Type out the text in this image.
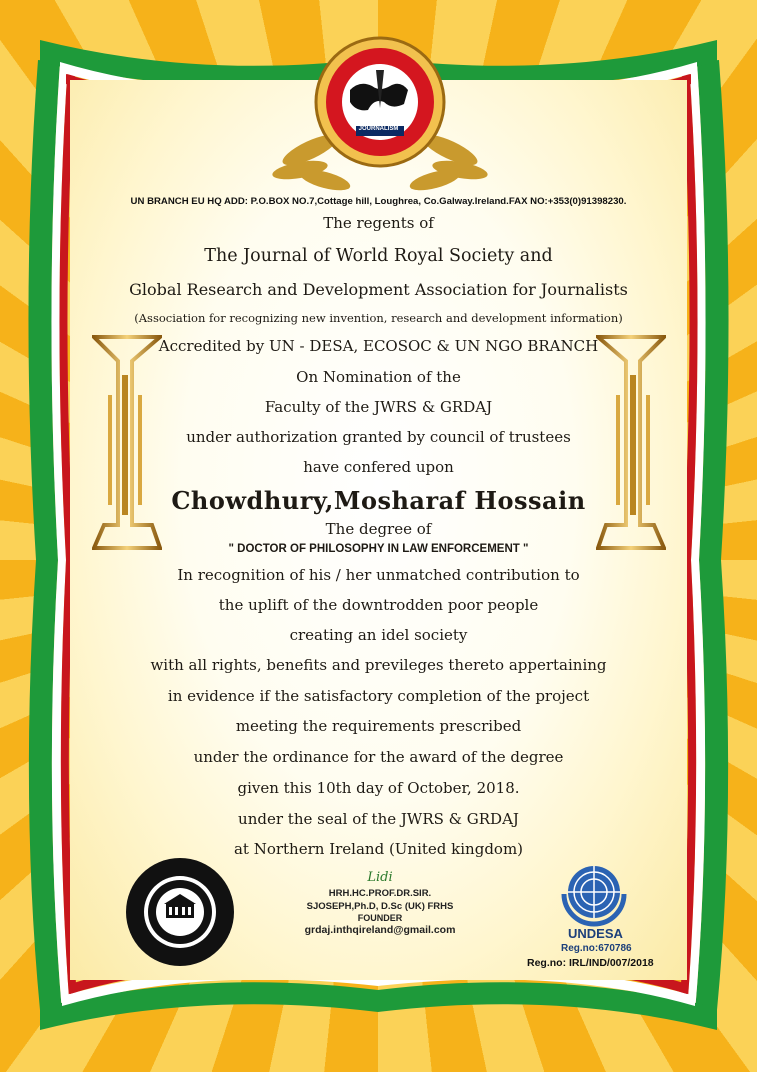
JOURNALISM
UN BRANCH EU HQ ADD: P.O.BOX NO.7,Cottage hill, Loughrea, Co.Galway.Ireland.FAX NO:+353(0)91398230.
The regents of
The Journal of World Royal Society and
Global Research and Development Association for Journalists
(Association for recognizing new invention, research and development information)
Accredited by UN - DESA, ECOSOC & UN NGO BRANCH
On Nomination of the
Faculty of the JWRS & GRDAJ
under authorization granted by council of trustees
have confered upon
Chowdhury,Mosharaf Hossain
The degree of
" DOCTOR OF PHILOSOPHY IN LAW ENFORCEMENT "
In recognition of his / her unmatched contribution to
the uplift of the downtrodden poor people
creating an idel society
with all rights, benefits and previleges thereto appertaining
in evidence if the satisfactory completion of the project
meeting the requirements prescribed
under the ordinance for the award of the degree
given this 10th day of October, 2018.
under the seal of the JWRS & GRDAJ
at Northern Ireland (United kingdom)
Lidi
HRH.HC.PROF.DR.SIR.
SJOSEPH,Ph.D, D.Sc (UK) FRHS
FOUNDER
grdaj.inthqireland@gmail.com	UNDESA
Reg.no:670786
Reg.no: IRL/IND/007/2018
